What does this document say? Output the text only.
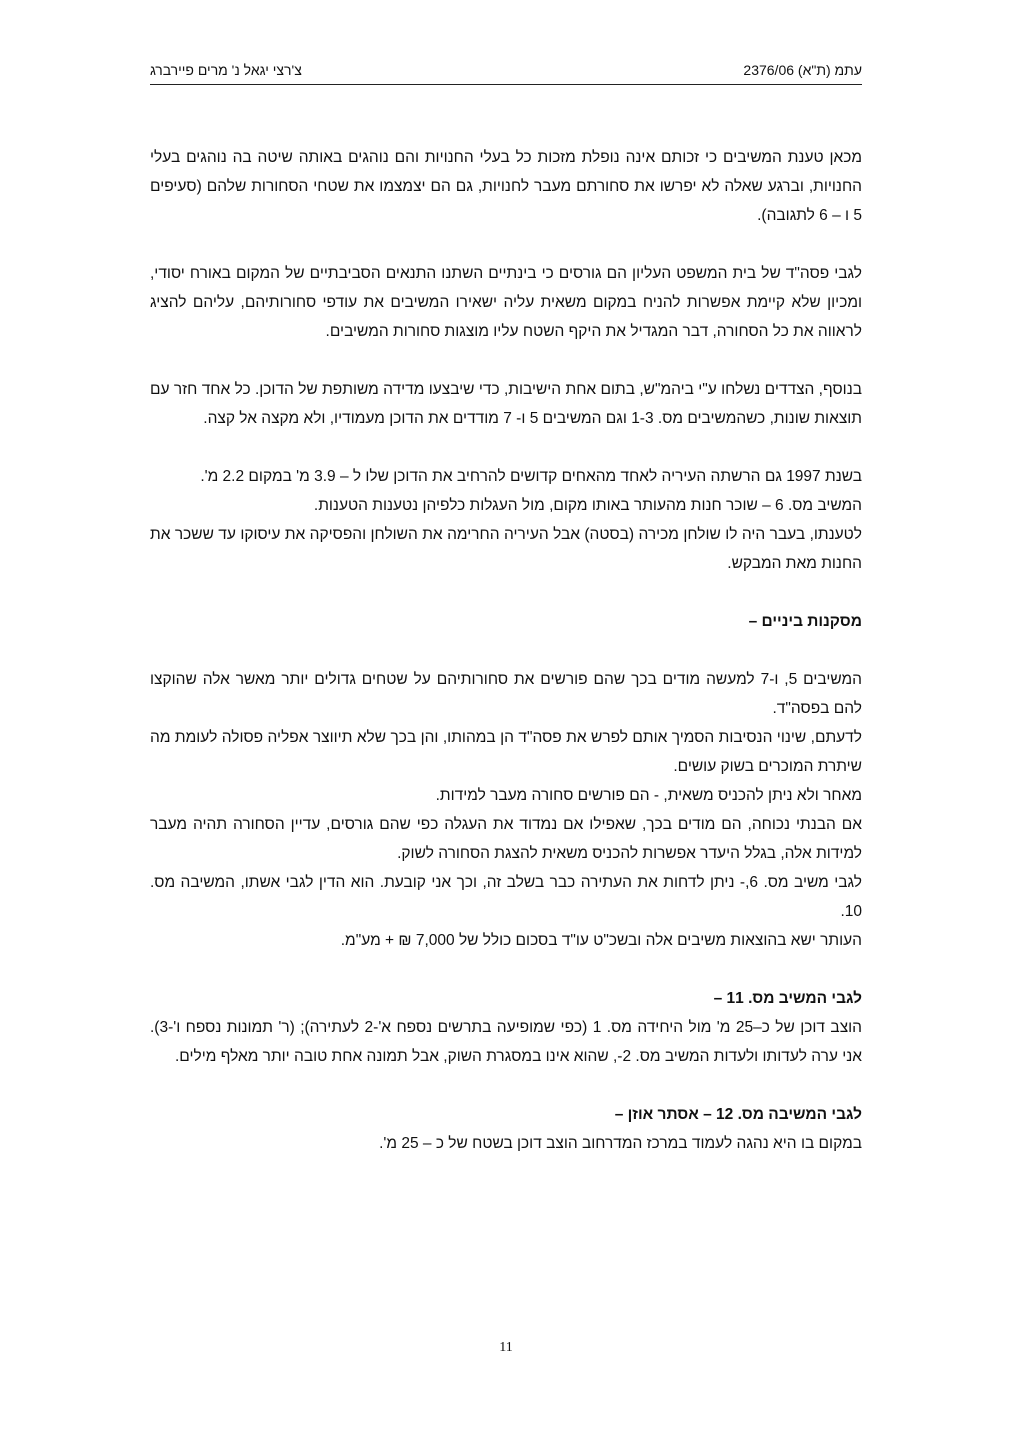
עתמ (ת"א) 2376/06
צ'רצי יגאל נ' מרים פיירברג

מכאן טענת המשיבים כי זכותם אינה נופלת מזכות כל בעלי החנויות והם נוהגים באותה שיטה בה נוהגים בעלי החנויות, וברגע שאלה לא יפרשו את סחורתם מעבר לחנויות, גם הם יצמצמו את שטחי הסחורות שלהם (סעיפים 5 ו – 6 לתגובה).

לגבי פסה"ד של בית המשפט העליון הם גורסים כי בינתיים השתנו התנאים הסביבתיים של המקום באורח יסודי, ומכיון שלא קיימת אפשרות להניח במקום משאית עליה ישאירו המשיבים את עודפי סחורותיהם, עליהם להציג לראווה את כל הסחורה, דבר המגדיל את היקף השטח עליו מוצגות סחורות המשיבים.

בנוסף, הצדדים נשלחו ע"י ביהמ"ש, בתום אחת הישיבות, כדי שיבצעו מדידה משותפת של הדוכן. כל אחד חזר עם תוצאות שונות, כשהמשיבים מס. 1-3 וגם המשיבים 5 ו- 7 מודדים את הדוכן מעמודיו, ולא מקצה אל קצה.

בשנת 1997 גם הרשתה העיריה לאחד מהאחים קדושים להרחיב את הדוכן שלו ל – 3.9 מ' במקום 2.2 מ'.

המשיב מס. 6 – שוכר חנות מהעותר באותו מקום, מול העגלות כלפיהן נטענות הטענות.

לטענתו, בעבר היה לו שולחן מכירה (בסטה) אבל העיריה החרימה את השולחן והפסיקה את עיסוקו עד ששכר את החנות מאת המבקש.

מסקנות ביניים –

המשיבים 5, ו-7 למעשה מודים בכך שהם פורשים את סחורותיהם על שטחים גדולים יותר מאשר אלה שהוקצו להם בפסה"ד.

לדעתם, שינוי הנסיבות הסמיך אותם לפרש את פסה"ד הן במהותו, והן בכך שלא תיווצר אפליה פסולה לעומת מה שיתרת המוכרים בשוק עושים.

מאחר ולא ניתן להכניס משאית, - הם פורשים סחורה מעבר למידות.

אם הבנתי נכוחה, הם מודים בכך, שאפילו אם נמדוד את העגלה כפי שהם גורסים, עדיין הסחורה תהיה מעבר למידות אלה, בגלל היעדר אפשרות להכניס משאית להצגת הסחורה לשוק.

לגבי משיב מס. 6,- ניתן לדחות את העתירה כבר בשלב זה, וכך אני קובעת. הוא הדין לגבי אשתו, המשיבה מס. 10.

העותר ישא בהוצאות משיבים אלה ובשכ"ט עו"ד בסכום כולל של 7,000 ₪ + מע"מ.

לגבי המשיב מס. 11 –

הוצב דוכן של כ–25 מ' מול היחידה מס. 1 (כפי שמופיעה בתרשים נספח א'-2 לעתירה); (ר' תמונות נספח ו'-3). אני ערה לעדותו ולעדות המשיב מס. 2-, שהוא אינו במסגרת השוק, אבל תמונה אחת טובה יותר מאלף מילים.

לגבי המשיבה מס. 12 – אסתר אוזן –

במקום בו היא נהגה לעמוד במרכז המדרחוב הוצב דוכן בשטח של כ – 25 מ'.

11
